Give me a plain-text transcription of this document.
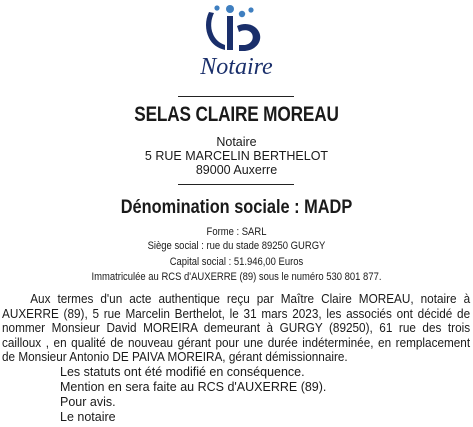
Notaire
SELAS CLAIRE MOREAU
Notaire
5 RUE MARCELIN BERTHELOT
89000 Auxerre
Dénomination sociale : MADP
Forme : SARL
Siège social : rue du stade 89250 GURGY
Capital social : 51.946,00 Euros
Immatriculée au RCS d'AUXERRE (89) sous le numéro 530 801 877.
Aux termes d'un acte authentique reçu par Maître Claire MOREAU, notaire à AUXERRE (89), 5 rue Marcelin Berthelot, le 31 mars 2023, les associés ont décidé de nommer Monsieur David MOREIRA demeurant à GURGY (89250), 61 rue des trois cailloux , en qualité de nouveau gérant pour une durée indéterminée, en remplacement de Monsieur Antonio DE PAIVA MOREIRA, gérant démissionnaire.
Les statuts ont été modifié en conséquence.
Mention en sera faite au RCS d'AUXERRE (89).
Pour avis.
Le notaire
